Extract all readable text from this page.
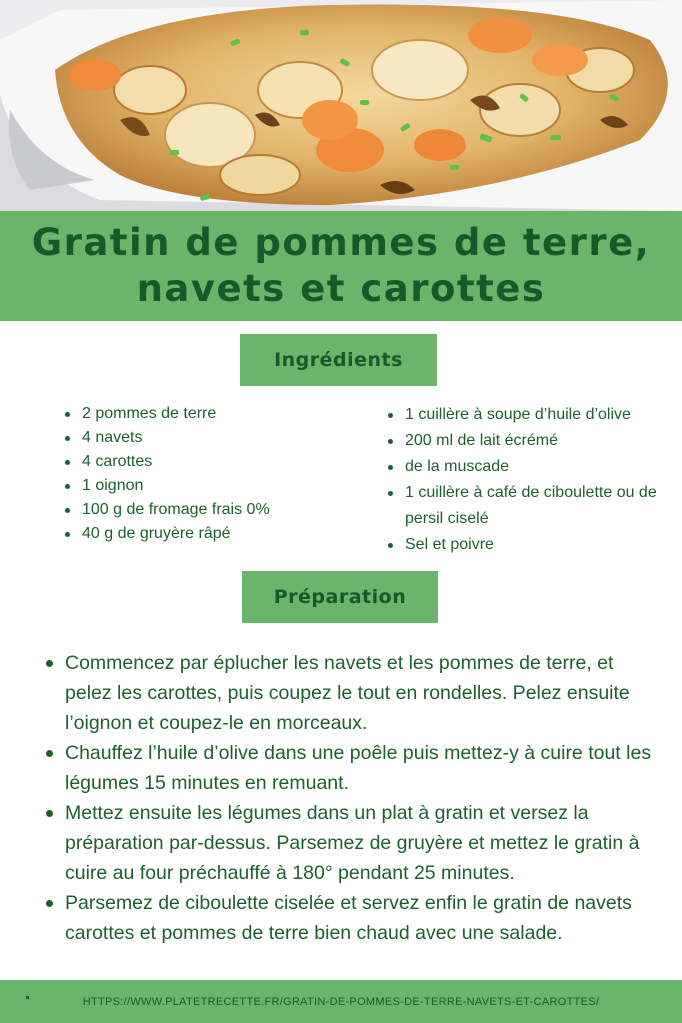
Gratin de pommes de terre,
navets et carottes
Ingrédients
2 pommes de terre
4 navets
4 carottes
1 oignon
100 g de fromage frais 0%
40 g de gruyère râpé
1 cuillère à soupe d’huile d’olive
200 ml de lait écrémé
de la muscade
1 cuillère à café de ciboulette ou de persil ciselé
Sel et poivre
Préparation
Commencez par éplucher les navets et les pommes de terre, et pelez les carottes, puis coupez le tout en rondelles. Pelez ensuite l’oignon et coupez-le en morceaux.
Chauffez l’huile d’olive dans une poêle puis mettez-y à cuire tout les légumes 15 minutes en remuant.
Mettez ensuite les légumes dans un plat à gratin et versez la préparation par-dessus. Parsemez de gruyère et mettez le gratin à cuire au four préchauffé à 180° pendant 25 minutes.
Parsemez de ciboulette ciselée et servez enfin le gratin de navets carottes et pommes de terre bien chaud avec une salade.
HTTPS://WWW.PLATETRECETTE.FR/GRATIN-DE-POMMES-DE-TERRE-NAVETS-ET-CAROTTES/
